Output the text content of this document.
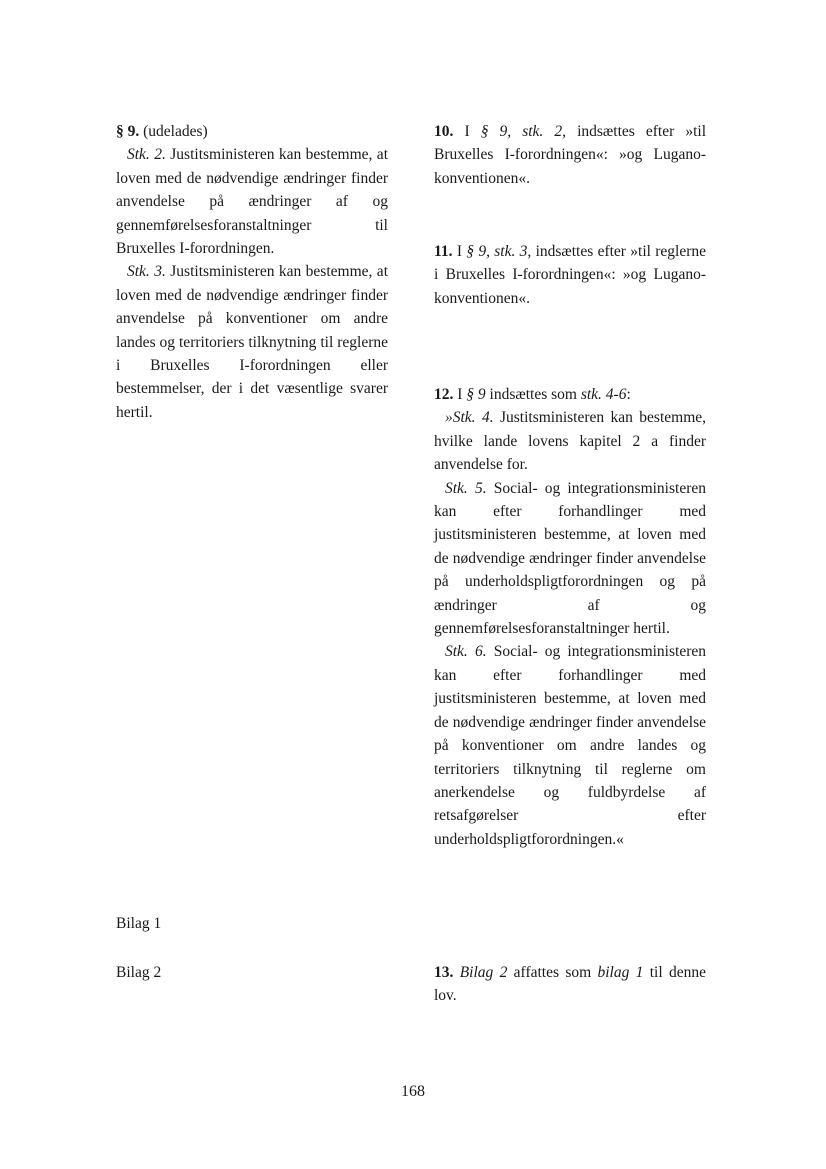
§ 9. (udelades)

Stk. 2. Justitsministeren kan bestemme, at loven med de nødvendige ændringer finder anvendelse på ændringer af og gennemførelsesforanstaltninger til Bruxelles I-forordningen.

Stk. 3. Justitsministeren kan bestemme, at loven med de nødvendige ændringer finder anvendelse på konventioner om andre landes og territoriers tilknytning til reglerne i Bruxelles I-forordningen eller bestemmelser, der i det væsentlige svarer hertil.

Bilag 1
Bilag 2

10. I § 9, stk. 2, indsættes efter »til Bruxelles I-forordningen«: »og Lugano-konventionen«.

11. I § 9, stk. 3, indsættes efter »til reglerne i Bruxelles I-forordningen«: »og Lugano-konventionen«.

12. I § 9 indsættes som stk. 4-6:

»Stk. 4. Justitsministeren kan bestemme, hvilke lande lovens kapitel 2 a finder anvendelse for.

Stk. 5. Social- og integrationsministeren kan efter forhandlinger med justitsministeren bestemme, at loven med de nødvendige ændringer finder anvendelse på underholdspligtforordningen og på ændringer af og gennemførelsesforanstaltninger hertil.

Stk. 6. Social- og integrationsministeren kan efter forhandlinger med justitsministeren bestemme, at loven med de nødvendige ændringer finder anvendelse på konventioner om andre landes og territoriers tilknytning til reglerne om anerkendelse og fuldbyrdelse af retsafgørelser efter underholdspligtforordningen.«

13. Bilag 2 affattes som bilag 1 til denne lov.

168
